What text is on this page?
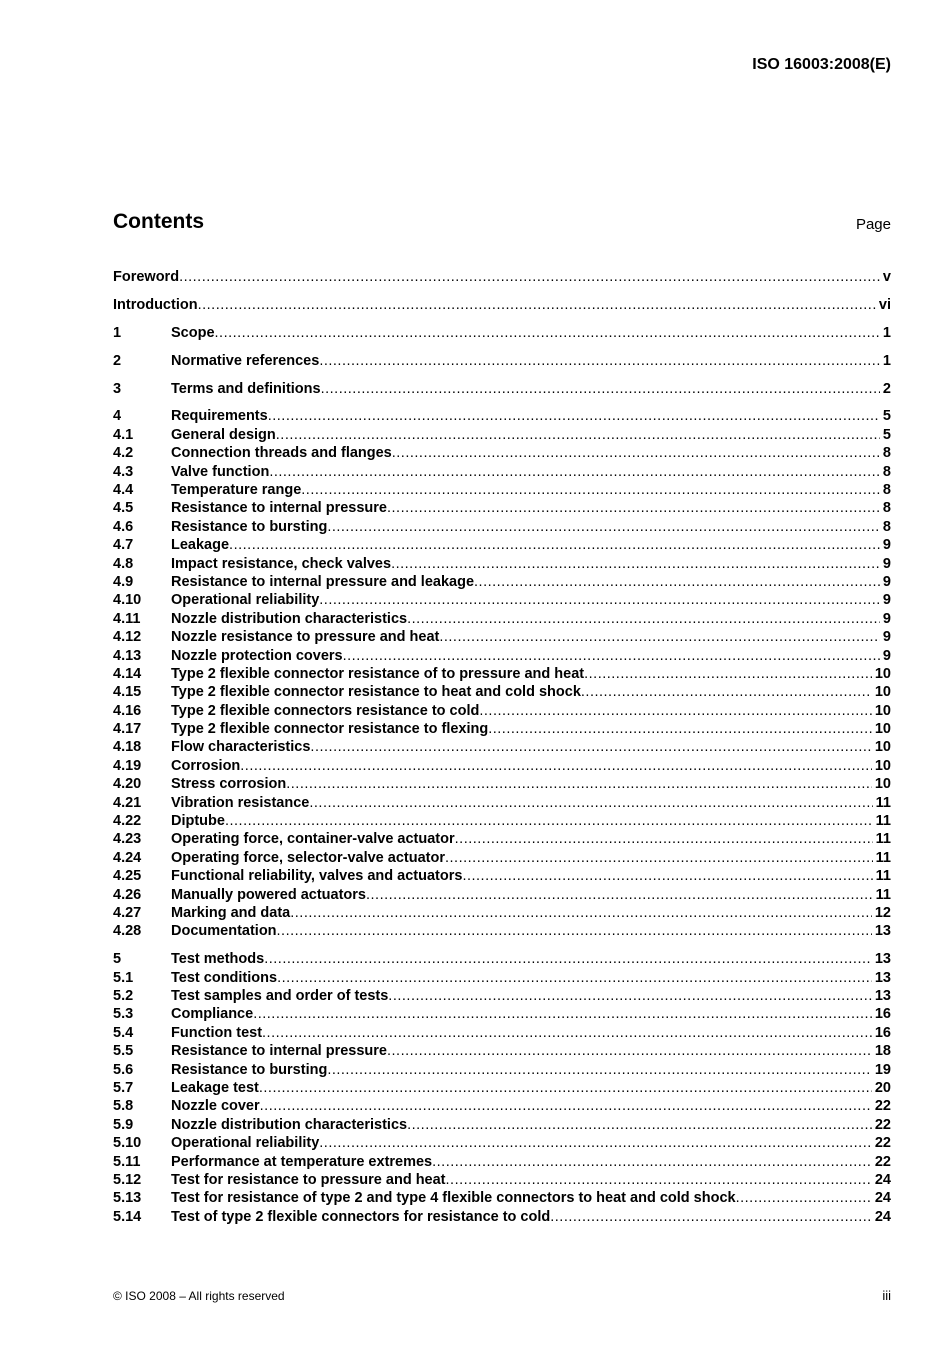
ISO 16003:2008(E)
Contents	Page
Foreword .....	v
Introduction .....	vi
1	Scope .....	1
2	Normative references .....	1
3	Terms and definitions .....	2
4	Requirements .....	5
4.1	General design .....	5
4.2	Connection threads and flanges .....	8
4.3	Valve function .....	8
4.4	Temperature range .....	8
4.5	Resistance to internal pressure .....	8
4.6	Resistance to bursting .....	8
4.7	Leakage .....	9
4.8	Impact resistance, check valves .....	9
4.9	Resistance to internal pressure and leakage .....	9
4.10	Operational reliability .....	9
4.11	Nozzle distribution characteristics .....	9
4.12	Nozzle resistance to pressure and heat .....	9
4.13	Nozzle protection covers .....	9
4.14	Type 2 flexible connector resistance of to pressure and heat .....	10
4.15	Type 2 flexible connector resistance to heat and cold shock .....	10
4.16	Type 2 flexible connectors resistance to cold .....	10
4.17	Type 2 flexible connector resistance to flexing .....	10
4.18	Flow characteristics .....	10
4.19	Corrosion .....	10
4.20	Stress corrosion .....	10
4.21	Vibration resistance .....	11
4.22	Diptube .....	11
4.23	Operating force, container-valve actuator .....	11
4.24	Operating force, selector-valve actuator .....	11
4.25	Functional reliability, valves and actuators .....	11
4.26	Manually powered actuators .....	11
4.27	Marking and data .....	12
4.28	Documentation .....	13
5	Test methods .....	13
5.1	Test conditions .....	13
5.2	Test samples and order of tests .....	13
5.3	Compliance .....	16
5.4	Function test .....	16
5.5	Resistance to internal pressure .....	18
5.6	Resistance to bursting .....	19
5.7	Leakage test .....	20
5.8	Nozzle cover .....	22
5.9	Nozzle distribution characteristics .....	22
5.10	Operational reliability .....	22
5.11	Performance at temperature extremes .....	22
5.12	Test for resistance to pressure and heat .....	24
5.13	Test for resistance of type 2 and type 4 flexible connectors to heat and cold shock .....	24
5.14	Test of type 2 flexible connectors for resistance to cold .....	24
© ISO 2008 – All rights reserved	iii
